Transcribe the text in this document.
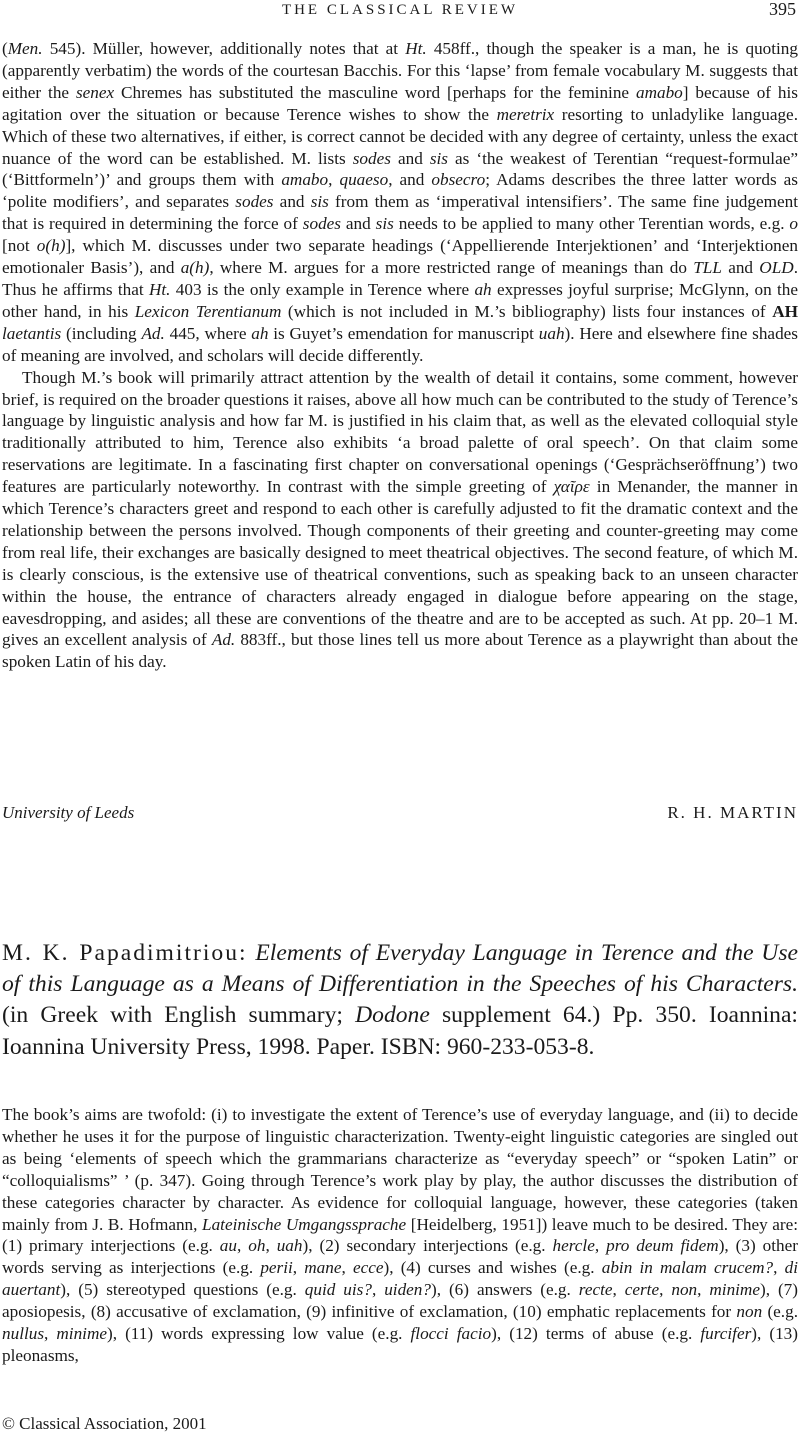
THE CLASSICAL REVIEW	395

(Men. 545). Müller, however, additionally notes that at Ht. 458ff., though the speaker is a man, he is quoting (apparently verbatim) the words of the courtesan Bacchis. For this ‘lapse’ from female vocabulary M. suggests that either the senex Chremes has substituted the masculine word [perhaps for the feminine amabo] because of his agitation over the situation or because Terence wishes to show the meretrix resorting to unladylike language. Which of these two alternatives, if either, is correct cannot be decided with any degree of certainty, unless the exact nuance of the word can be established. M. lists sodes and sis as ‘the weakest of Terentian “request-formulae” (‘Bittformeln’)’ and groups them with amabo, quaeso, and obsecro; Adams describes the three latter words as ‘polite modifiers’, and separates sodes and sis from them as ‘imperatival intensifiers’. The same fine judgement that is required in determining the force of sodes and sis needs to be applied to many other Terentian words, e.g. o [not o(h)], which M. discusses under two separate headings (‘Appellierende Interjektionen’ and ‘Interjektionen emotionaler Basis’), and a(h), where M. argues for a more restricted range of meanings than do TLL and OLD. Thus he affirms that Ht. 403 is the only example in Terence where ah expresses joyful surprise; McGlynn, on the other hand, in his Lexicon Terentianum (which is not included in M.’s bibliography) lists four instances of AH laetantis (including Ad. 445, where ah is Guyet’s emendation for manuscript uah). Here and elsewhere fine shades of meaning are involved, and scholars will decide differently.

Though M.’s book will primarily attract attention by the wealth of detail it contains, some comment, however brief, is required on the broader questions it raises, above all how much can be contributed to the study of Terence’s language by linguistic analysis and how far M. is justified in his claim that, as well as the elevated colloquial style traditionally attributed to him, Terence also exhibits ‘a broad palette of oral speech’. On that claim some reservations are legitimate. In a fascinating first chapter on conversational openings (‘Gesprächseröffnung’) two features are particularly noteworthy. In contrast with the simple greeting of χαῖρε in Menander, the manner in which Terence’s characters greet and respond to each other is carefully adjusted to fit the dramatic context and the relationship between the persons involved. Though components of their greeting and counter-greeting may come from real life, their exchanges are basically designed to meet theatrical objectives. The second feature, of which M. is clearly conscious, is the extensive use of theatrical conventions, such as speaking back to an unseen character within the house, the entrance of characters already engaged in dialogue before appearing on the stage, eavesdropping, and asides; all these are conventions of the theatre and are to be accepted as such. At pp. 20–1 M. gives an excellent analysis of Ad. 883ff., but those lines tell us more about Terence as a playwright than about the spoken Latin of his day.

University of Leeds	R. H. MARTIN
M. K. Papadimitriou: Elements of Everyday Language in Terence and the Use of this Language as a Means of Differentiation in the Speeches of his Characters. (in Greek with English summary; Dodone supplement 64.) Pp. 350. Ioannina: Ioannina University Press, 1998. Paper. ISBN: 960-233-053-8.

The book’s aims are twofold: (i) to investigate the extent of Terence’s use of everyday language, and (ii) to decide whether he uses it for the purpose of linguistic characterization. Twenty-eight linguistic categories are singled out as being ‘elements of speech which the grammarians characterize as “everyday speech” or “spoken Latin” or “colloquialisms” ’ (p. 347). Going through Terence’s work play by play, the author discusses the distribution of these categories character by character. As evidence for colloquial language, however, these categories (taken mainly from J. B. Hofmann, Lateinische Umgangssprache [Heidelberg, 1951]) leave much to be desired. They are: (1) primary interjections (e.g. au, oh, uah), (2) secondary interjections (e.g. hercle, pro deum fidem), (3) other words serving as interjections (e.g. perii, mane, ecce), (4) curses and wishes (e.g. abin in malam crucem?, di auertant), (5) stereotyped questions (e.g. quid uis?, uiden?), (6) answers (e.g. recte, certe, non, minime), (7) aposiopesis, (8) accusative of exclamation, (9) infinitive of exclamation, (10) emphatic replacements for non (e.g. nullus, minime), (11) words expressing low value (e.g. flocci facio), (12) terms of abuse (e.g. furcifer), (13) pleonasms,

© Classical Association, 2001
